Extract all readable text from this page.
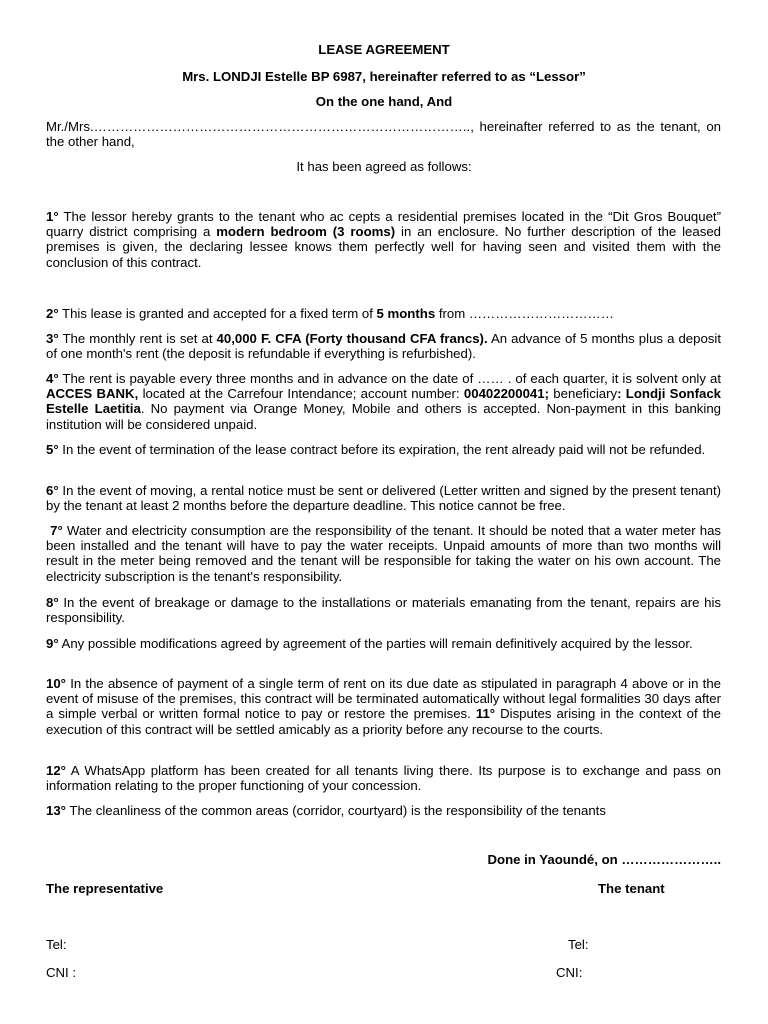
LEASE AGREEMENT
Mrs. LONDJI Estelle BP 6987, hereinafter referred to as “Lessor”
On the one hand, And
Mr./Mrs.………………………………………………………………………….., hereinafter referred to as the tenant, on the other hand,
It has been agreed as follows:
1° The lessor hereby grants to the tenant who ac cepts a residential premises located in the “Dit Gros Bouquet” quarry district comprising a modern bedroom (3 rooms) in an enclosure. No further description of the leased premises is given, the declaring lessee knows them perfectly well for having seen and visited them with the conclusion of this contract.
2° This lease is granted and accepted for a fixed term of 5 months from ……………………………
3° The monthly rent is set at 40,000 F. CFA (Forty thousand CFA francs). An advance of 5 months plus a deposit of one month's rent (the deposit is refundable if everything is refurbished).
4° The rent is payable every three months and in advance on the date of …… . of each quarter, it is solvent only at ACCES BANK, located at the Carrefour Intendance; account number: 00402200041; beneficiary: Londji Sonfack Estelle Laetitia. No payment via Orange Money, Mobile and others is accepted. Non-payment in this banking institution will be considered unpaid.
5° In the event of termination of the lease contract before its expiration, the rent already paid will not be refunded.
6° In the event of moving, a rental notice must be sent or delivered (Letter written and signed by the present tenant) by the tenant at least 2 months before the departure deadline. This notice cannot be free.
7° Water and electricity consumption are the responsibility of the tenant. It should be noted that a water meter has been installed and the tenant will have to pay the water receipts. Unpaid amounts of more than two months will result in the meter being removed and the tenant will be responsible for taking the water on his own account. The electricity subscription is the tenant's responsibility.
8° In the event of breakage or damage to the installations or materials emanating from the tenant, repairs are his responsibility.
9° Any possible modifications agreed by agreement of the parties will remain definitively acquired by the lessor.
10° In the absence of payment of a single term of rent on its due date as stipulated in paragraph 4 above or in the event of misuse of the premises, this contract will be terminated automatically without legal formalities 30 days after a simple verbal or written formal notice to pay or restore the premises. 11° Disputes arising in the context of the execution of this contract will be settled amicably as a priority before any recourse to the courts.
12° A WhatsApp platform has been created for all tenants living there. Its purpose is to exchange and pass on information relating to the proper functioning of your concession.
13° The cleanliness of the common areas (corridor, courtyard) is the responsibility of the tenants
Done in Yaoundé, on …………………..
The representative	The tenant
Tel:	Tel:
CNI :	CNI:
